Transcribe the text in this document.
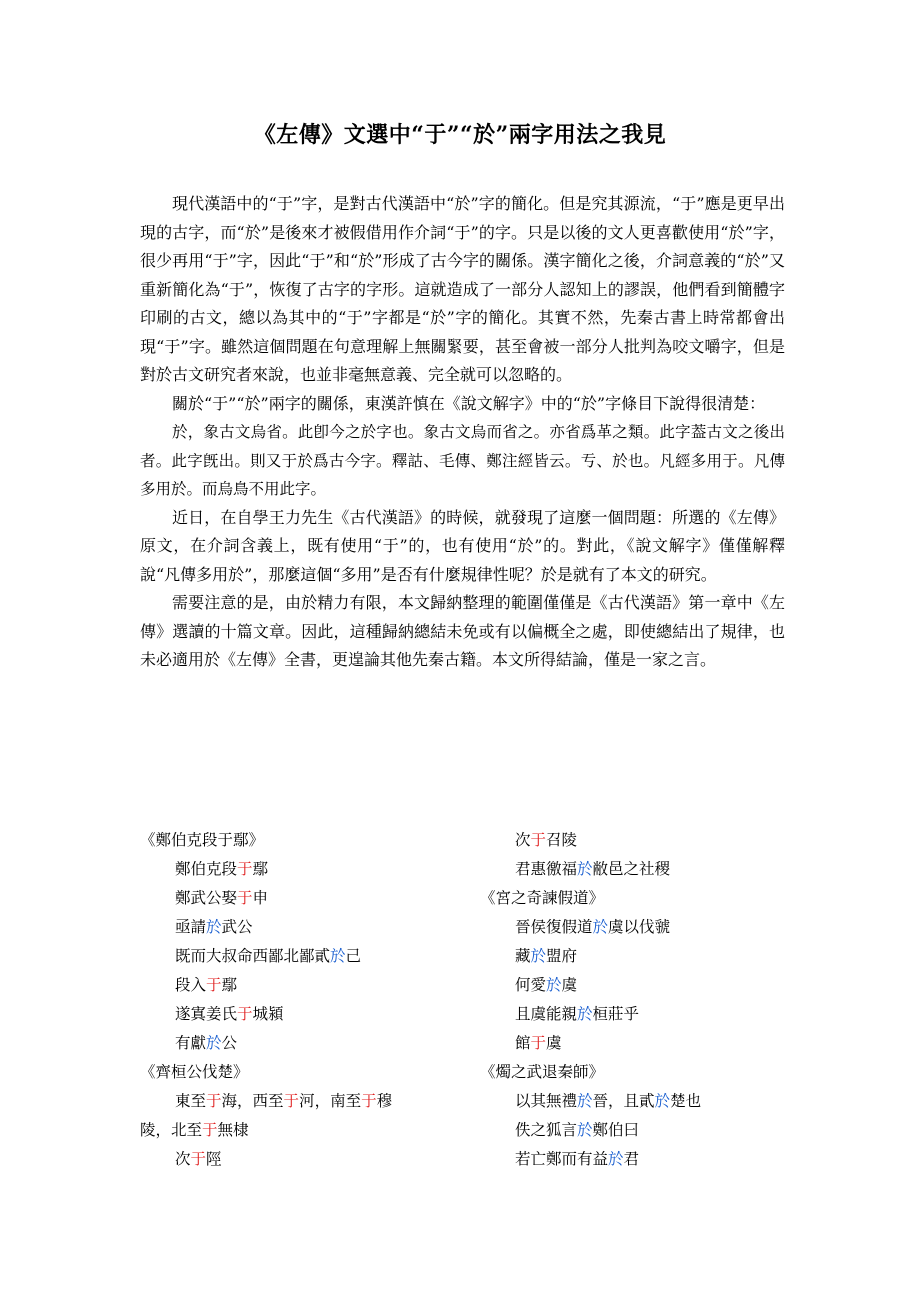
《左傳》文選中“于”“於”兩字用法之我見

現代漢語中的“于”字，是對古代漢語中“於”字的簡化。但是究其源流，“于”應是更早出現的古字，而“於”是後來才被假借用作介詞“于”的字。只是以後的文人更喜歡使用“於”字，很少再用“于”字，因此“于”和“於”形成了古今字的關係。漢字簡化之後，介詞意義的“於”又重新簡化為“于”，恢復了古字的字形。這就造成了一部分人認知上的謬誤，他們看到簡體字印刷的古文，總以為其中的“于”字都是“於”字的簡化。其實不然，先秦古書上時常都會出現“于”字。雖然這個問題在句意理解上無關緊要，甚至會被一部分人批判為咬文嚼字，但是對於古文研究者來說，也並非毫無意義、完全就可以忽略的。

關於“于”“於”兩字的關係，東漢許慎在《說文解字》中的“於”字條目下說得很清楚：

於，象古文烏省。此卽今之於字也。象古文烏而省之。亦省爲革之類。此字葢古文之後出者。此字旣出。則又于於爲古今字。釋詁、毛傳、鄭注經皆云。亐、於也。凡經多用于。凡傳多用於。而烏鳥不用此字。

近日，在自學王力先生《古代漢語》的時候，就發現了這麼一個問題：所選的《左傳》原文，在介詞含義上，既有使用“于”的，也有使用“於”的。對此，《說文解字》僅僅解釋說“凡傳多用於”，那麼這個“多用”是否有什麼規律性呢？於是就有了本文的研究。

需要注意的是，由於精力有限，本文歸納整理的範圍僅僅是《古代漢語》第一章中《左傳》選讀的十篇文章。因此，這種歸納總結未免或有以偏概全之處，即使總結出了規律，也未必適用於《左傳》全書，更遑論其他先秦古籍。本文所得結論，僅是一家之言。

《鄭伯克段于鄢》
鄭伯克段于鄢
鄭武公娶于申
亟請於武公
既而大叔命西鄙北鄙貳於己
段入于鄢
遂寘姜氏于城潁
有獻於公
《齊桓公伐楚》
東至于海，西至于河，南至于穆
陵，北至于無棣
次于陘
次于召陵
君惠徼福於敝邑之社稷
《宮之奇諫假道》
晉侯復假道於虞以伐虢
藏於盟府
何愛於虞
且虞能親於桓莊乎
館于虞
《燭之武退秦師》
以其無禮於晉，且貳於楚也
佚之狐言於鄭伯曰
若亡鄭而有益於君
